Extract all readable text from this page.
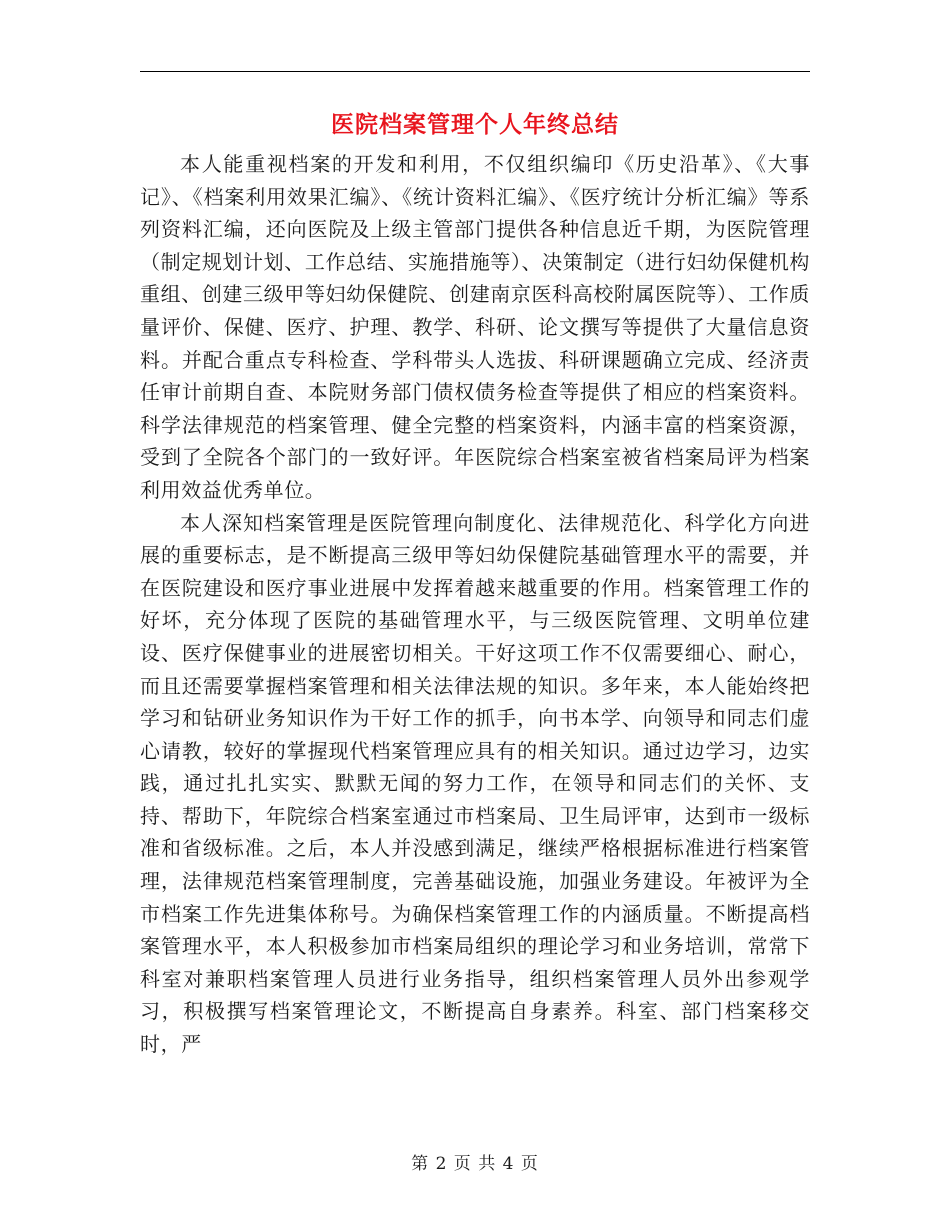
医院档案管理个人年终总结

本人能重视档案的开发和利用，不仅组织编印《历史沿革》、《大事记》、《档案利用效果汇编》、《统计资料汇编》、《医疗统计分析汇编》等系列资料汇编，还向医院及上级主管部门提供各种信息近千期，为医院管理（制定规划计划、工作总结、实施措施等）、决策制定（进行妇幼保健机构重组、创建三级甲等妇幼保健院、创建南京医科高校附属医院等）、工作质量评价、保健、医疗、护理、教学、科研、论文撰写等提供了大量信息资料。并配合重点专科检查、学科带头人选拔、科研课题确立完成、经济责任审计前期自查、本院财务部门债权债务检查等提供了相应的档案资料。科学法律规范的档案管理、健全完整的档案资料，内涵丰富的档案资源，受到了全院各个部门的一致好评。年医院综合档案室被省档案局评为档案利用效益优秀单位。

本人深知档案管理是医院管理向制度化、法律规范化、科学化方向进展的重要标志，是不断提高三级甲等妇幼保健院基础管理水平的需要，并在医院建设和医疗事业进展中发挥着越来越重要的作用。档案管理工作的好坏，充分体现了医院的基础管理水平，与三级医院管理、文明单位建设、医疗保健事业的进展密切相关。干好这项工作不仅需要细心、耐心，而且还需要掌握档案管理和相关法律法规的知识。多年来，本人能始终把学习和钻研业务知识作为干好工作的抓手，向书本学、向领导和同志们虚心请教，较好的掌握现代档案管理应具有的相关知识。通过边学习，边实践，通过扎扎实实、默默无闻的努力工作，在领导和同志们的关怀、支持、帮助下，年院综合档案室通过市档案局、卫生局评审，达到市一级标准和省级标准。之后，本人并没感到满足，继续严格根据标准进行档案管理，法律规范档案管理制度，完善基础设施，加强业务建设。年被评为全市档案工作先进集体称号。为确保档案管理工作的内涵质量。不断提高档案管理水平，本人积极参加市档案局组织的理论学习和业务培训，常常下科室对兼职档案管理人员进行业务指导，组织档案管理人员外出参观学习，积极撰写档案管理论文，不断提高自身素养。科室、部门档案移交时，严

第 2 页 共 4 页
